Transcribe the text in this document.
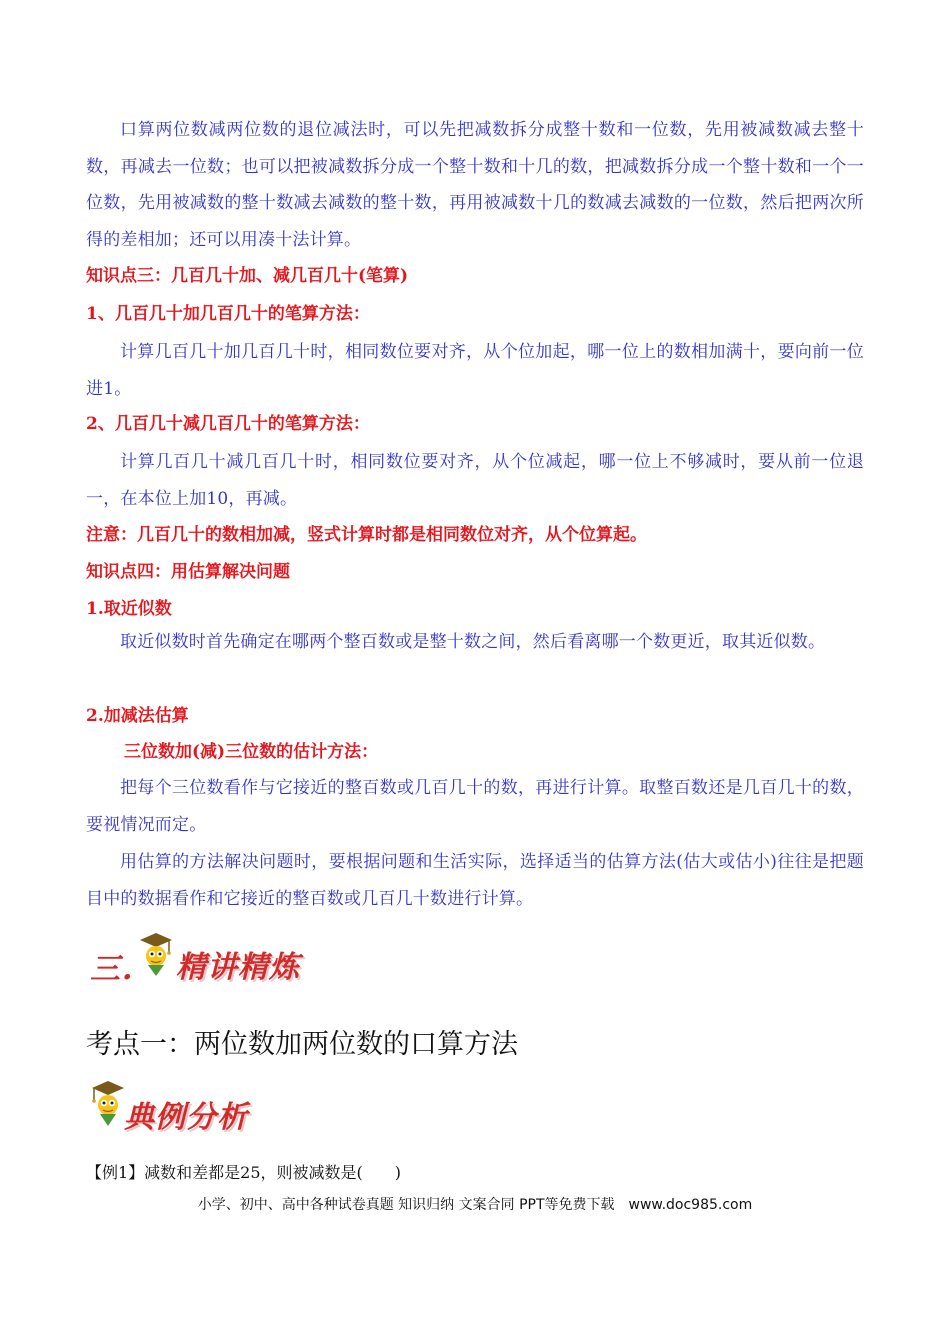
口算两位数减两位数的退位减法时，可以先把减数拆分成整十数和一位数，先用被减数减去整十数，再减去一位数；也可以把被减数拆分成一个整十数和十几的数，把减数拆分成一个整十数和一个一位数，先用被减数的整十数减去减数的整十数，再用被减数十几的数减去减数的一位数，然后把两次所得的差相加；还可以用凑十法计算。

知识点三：几百几十加、减几百几十(笔算)

1、几百几十加几百几十的笔算方法：

计算几百几十加几百几十时，相同数位要对齐，从个位加起，哪一位上的数相加满十，要向前一位进1。

2、几百几十减几百几十的笔算方法：

计算几百几十减几百几十时，相同数位要对齐，从个位减起，哪一位上不够减时，要从前一位退一，在本位上加10，再减。

注意：几百几十的数相加减，竖式计算时都是相同数位对齐，从个位算起。

知识点四：用估算解决问题

1.取近似数

取近似数时首先确定在哪两个整百数或是整十数之间，然后看离哪一个数更近，取其近似数。

2.加减法估算

三位数加(减)三位数的估计方法：

把每个三位数看作与它接近的整百数或几百几十的数，再进行计算。取整百数还是几百几十的数，要视情况而定。

用估算的方法解决问题时，要根据问题和生活实际，选择适当的估算方法(估大或估小)往往是把题目中的数据看作和它接近的整百数或几百几十数进行计算。

三. 精讲精炼

考点一：两位数加两位数的口算方法

典例分析

【例1】减数和差都是25，则被减数是(　　)

小学、初中、高中各种试卷真题 知识归纳 文案合同 PPT等免费下载　www.doc985.com
